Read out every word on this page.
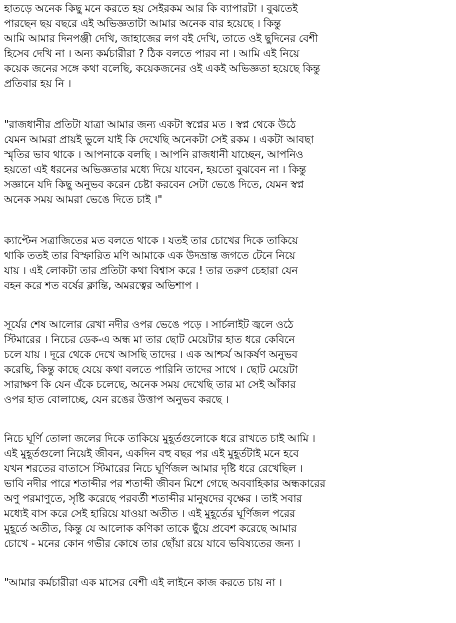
হাতড়ে অনেক কিছু মনে করতে হয় সেইরকম আর কি ব্যাপারটা । বুঝতেই
পারছেন ছয় বছরে এই অভিজ্ঞতাটা আমার অনেক বার হয়েছে । কিন্তু
আমি আমার দিনপঞ্জী দেখি, জাহাজের লগ বই দেখি, তাতে ওই ছুদিনের বেশী
হিসেব দেখি না । অন্য কর্মচারীরা ? ঠিক বলতে পারব না । আমি এই নিয়ে
কয়েক জনের সঙ্গে কথা বলেছি, কয়েকজনের ওই একই অভিজ্ঞতা হয়েছে কিন্তু
প্রতিবার হয় নি ।
"রাজধানীর প্রতিটা যাত্রা আমার জন্য একটা স্বপ্নের মত । স্বপ্ন থেকে উঠে
যেমন আমরা প্রায়ই ভুলে যাই কি দেখেছি অনেকটা সেই রকম । একটা আবছা
স্মৃতির ভাব থাকে । আপনাকে বলছি । আপনি রাজধানী যাচ্ছেন, আপনিও
হয়তো এই ধরনের অভিজ্ঞতার মধ্যে দিয়ে যাবেন, হয়তো বুঝবেন না । কিন্তু
সজ্ঞানে যদি কিছু অনুভব করেন চেষ্টা করবেন সেটা ভেঙে দিতে, যেমন স্বপ্ন
অনেক সময় আমরা ভেঙে দিতে চাই ।"
ক্যাপ্টেন সত্রাজিতের মত বলতে থাকে । যতই তার চোখের দিকে তাকিয়ে
থাকি ততই তার বিস্ফারিত মণি আমাকে এক উদভ্রান্ত জগতে টেনে নিয়ে
যায় । এই লোকটা তার প্রতিটা কথা বিশ্বাস করে ! তার তরুণ চেহারা যেন
বহন করে শত বর্ষের ক্লান্তি, অমরত্বের অভিশাপ ।
সূর্যের শেষ আলোর রেখা নদীর ওপর ভেঙে পড়ে । সার্চলাইট জ্বলে ওঠে
স্টিমারের । নিচের ডেক-এ অন্ধ মা তার ছোট মেয়েটার হাত ধরে কেবিনে
চলে যায় । দূরে থেকে দেখে আসছি তাদের । এক আশ্চর্য আকর্ষণ অনুভব
করেছি, কিন্তু কাছে যেয়ে কথা বলতে পারিনি তাদের সাথে । ছোট মেয়েটা
সারাক্ষণ কি যেন এঁকে চলেছে, অনেক সময় দেখেছি তার মা সেই আঁকার
ওপর হাত বোলাচ্ছে, যেন রঙের উত্তাপ অনুভব করছে ।
নিচে ঘূর্ণি তোলা জলের দিকে তাকিয়ে মুহূর্তগুলোকে ধরে রাখতে চাই আমি ।
এই মুহূর্তগুলো নিয়েই জীবন, একদিন বহু বছর পর এই মুহূর্তটাই মনে হবে
যখন শরতের বাতাসে স্টিমারের নিচে ঘূর্ণিজল আমার দৃষ্টি ধরে রেখেছিল ।
ভাবি নদীর পারে শতাব্দীর পর শতাব্দী জীবন মিশে গেছে অববাহিকার অন্ধকারের
অণু পরমাণুতে, সৃষ্টি করেছে পরবর্তী শতাব্দীর মানুষদের বৃক্ষের । তাই সবার
মধ্যেই বাস করে সেই হারিয়ে যাওয়া অতীত । এই মুহূর্তের ঘূর্ণিজল পরের
মুহূর্তে অতীত, কিন্তু যে আলোক কণিকা তাকে ছুঁয়ে প্রবেশ করেছে আমার
চোখে - মনের কোন গভীর কোষে তার ছোঁয়া রয়ে যাবে ভবিষ্যতের জন্য ।
"আমার কর্মচারীরা এক মাসের বেশী এই লাইনে কাজ করতে চায় না ।
